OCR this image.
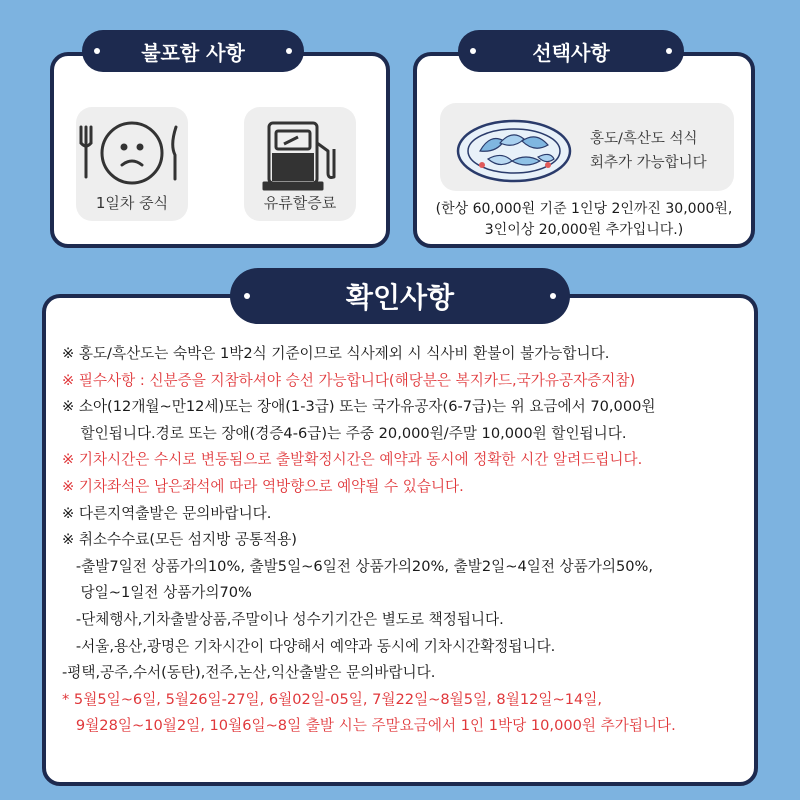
불포함 사항
1일차 중식	유류할증료
선택사항
홍도/흑산도 석식
회추가 가능합니다
(한상 60,000원 기준 1인당 2인까진 30,000원,
3인이상 20,000원 추가입니다.)
확인사항
※ 홍도/흑산도는 숙박은 1박2식 기준이므로 식사제외 시 식사비 환불이 불가능합니다.
※ 필수사항 : 신분증을 지참하셔야 승선 가능합니다(해당분은 복지카드,국가유공자증지참)
※ 소아(12개월~만12세)또는 장애(1-3급) 또는 국가유공자(6-7급)는 위 요금에서 70,000원
할인됩니다.경로 또는 장애(경증4-6급)는 주중 20,000원/주말 10,000원 할인됩니다.
※ 기차시간은 수시로 변동됨으로 출발확정시간은 예약과 동시에 정확한 시간 알려드립니다.
※ 기차좌석은 남은좌석에 따라 역방향으로 예약될 수 있습니다.
※ 다른지역출발은 문의바랍니다.
※ 취소수수료(모든 섬지방 공통적용)
-출발7일전 상품가의10%, 출발5일~6일전 상품가의20%, 출발2일~4일전 상품가의50%,
당일~1일전 상품가의70%
-단체행사,기차출발상품,주말이나 성수기기간은 별도로 책정됩니다.
-서울,용산,광명은 기차시간이 다양해서 예약과 동시에 기차시간확정됩니다.
-평택,공주,수서(동탄),전주,논산,익산출발은 문의바랍니다.
* 5월5일~6일, 5월26일-27일, 6월02일-05일, 7월22일~8월5일, 8월12일~14일,
9월28일~10월2일, 10월6일~8일 출발 시는 주말요금에서 1인 1박당 10,000원 추가됩니다.
